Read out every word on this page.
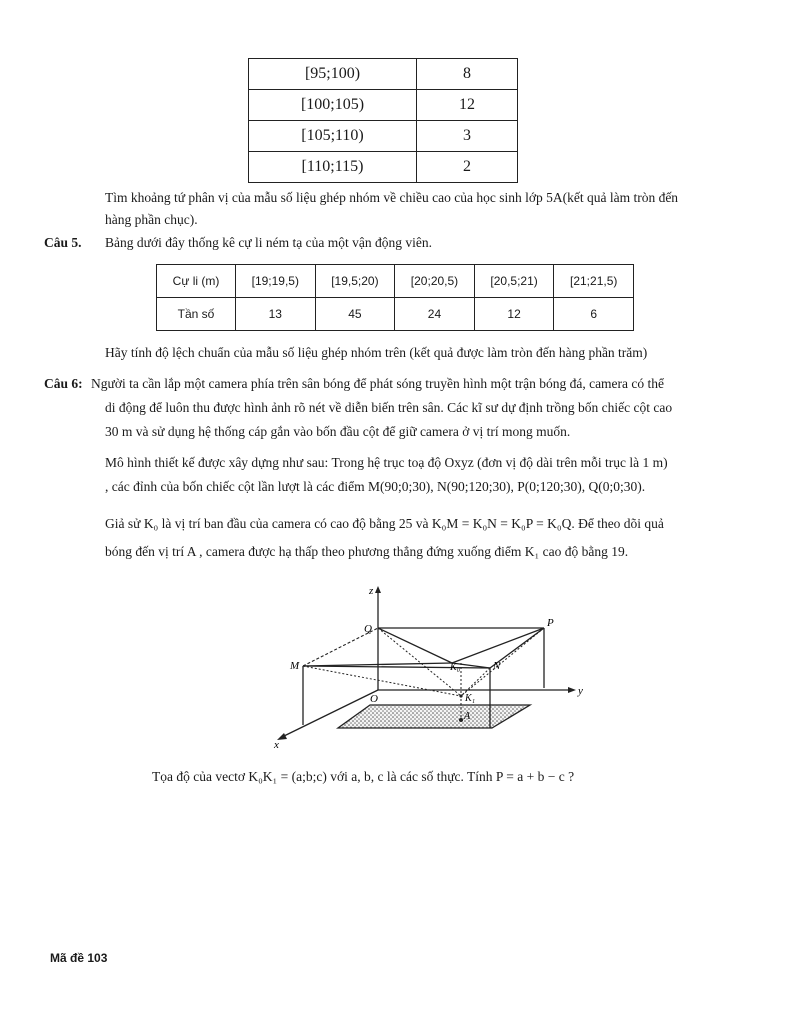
[95;100)	8
[100;105)	12
[105;110)	3
[110;115)	2
Tìm khoảng tứ phân vị của mẫu số liệu ghép nhóm về chiều cao của học sinh lớp 5A(kết quả làm tròn đến
hàng phần chục).
Câu 5. Bảng dưới đây thống kê cự li ném tạ của một vận động viên.
Cự li (m)	[19;19,5)	[19,5;20)	[20;20,5)	[20,5;21)	[21;21,5)
Tần số	13	45	24	12	6
Hãy tính độ lệch chuẩn của mẫu số liệu ghép nhóm trên (kết quả được làm tròn đến hàng phần trăm)
Câu 6: Người ta cần lắp một camera phía trên sân bóng để phát sóng truyền hình một trận bóng đá, camera có thể
di động để luôn thu được hình ảnh rõ nét về diễn biến trên sân. Các kĩ sư dự định trồng bốn chiếc cột cao
30 m và sử dụng hệ thống cáp gắn vào bốn đầu cột để giữ camera ở vị trí mong muốn.
Mô hình thiết kế được xây dựng như sau: Trong hệ trục toạ độ Oxyz (đơn vị độ dài trên mỗi trục là 1 m)
, các đỉnh của bốn chiếc cột lần lượt là các điểm M(90;0;30), N(90;120;30), P(0;120;30), Q(0;0;30).
Giả sử K₀ là vị trí ban đầu của camera có cao độ bằng 25 và K₀M = K₀N = K₀P = K₀Q. Để theo dõi quả
bóng đến vị trí A , camera được hạ thấp theo phương thẳng đứng xuống điểm K₁ cao độ bằng 19.
z
Q	P
M	K₀	N
O
y
K₁
A
x
Tọa độ của vectơ K₀K₁ = (a;b;c) với a, b, c là các số thực. Tính P = a + b − c ?
Mã đề 103
